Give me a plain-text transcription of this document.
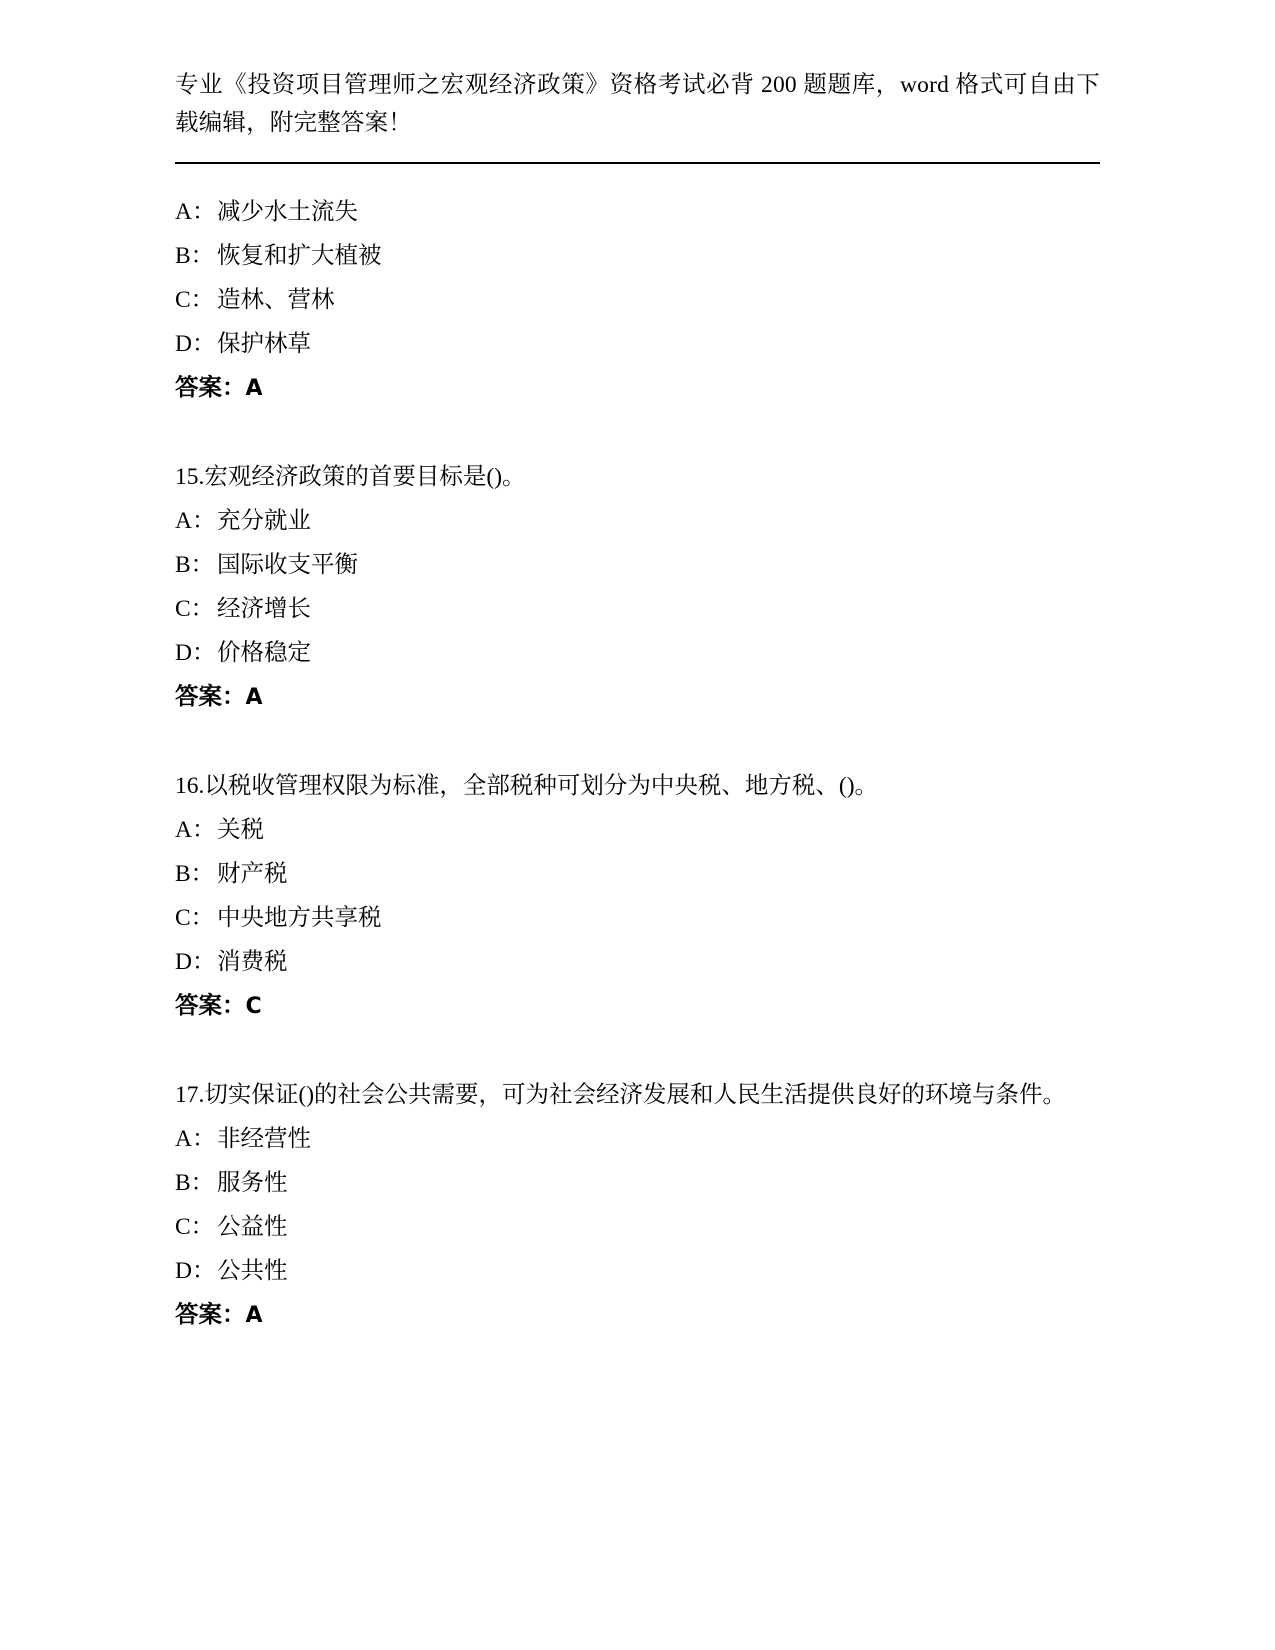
专业《投资项目管理师之宏观经济政策》资格考试必背 200 题题库，word 格式可自由下载编辑，附完整答案！

A：减少水土流失

B： 恢复和扩大植被

C： 造林、营林

D：保护林草

答案：A

15.宏观经济政策的首要目标是()。

A：充分就业

B： 国际收支平衡

C： 经济增长

D：价格稳定

答案：A

16.以税收管理权限为标准，全部税种可划分为中央税、地方税、()。

A：关税

B： 财产税

C： 中央地方共享税

D：消费税

答案：C

17.切实保证()的社会公共需要，可为社会经济发展和人民生活提供良好的环境与条件。

A：非经营性

B： 服务性

C： 公益性

D：公共性

答案：A
